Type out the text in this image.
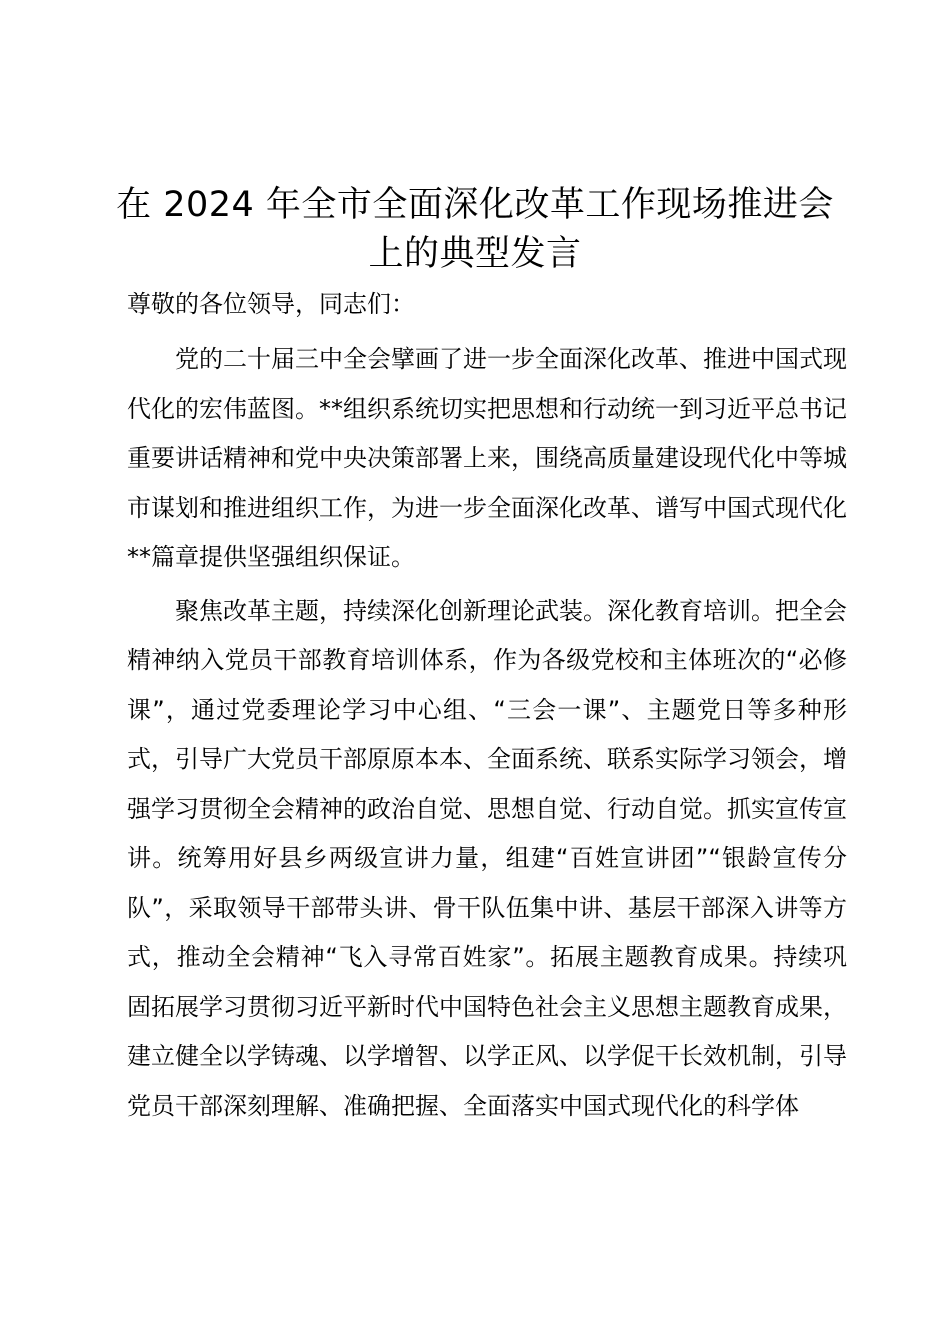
在 2024 年全市全面深化改革工作现场推进会上的典型发言

尊敬的各位领导，同志们：

党的二十届三中全会擘画了进一步全面深化改革、推进中国式现代化的宏伟蓝图。**组织系统切实把思想和行动统一到习近平总书记重要讲话精神和党中央决策部署上来，围绕高质量建设现代化中等城市谋划和推进组织工作，为进一步全面深化改革、谱写中国式现代化**篇章提供坚强组织保证。

聚焦改革主题，持续深化创新理论武装。深化教育培训。把全会精神纳入党员干部教育培训体系，作为各级党校和主体班次的“必修课”，通过党委理论学习中心组、“三会一课”、主题党日等多种形式，引导广大党员干部原原本本、全面系统、联系实际学习领会，增强学习贯彻全会精神的政治自觉、思想自觉、行动自觉。抓实宣传宣讲。统筹用好县乡两级宣讲力量，组建“百姓宣讲团”“银龄宣传分队”，采取领导干部带头讲、骨干队伍集中讲、基层干部深入讲等方式，推动全会精神“飞入寻常百姓家”。拓展主题教育成果。持续巩固拓展学习贯彻习近平新时代中国特色社会主义思想主题教育成果，建立健全以学铸魂、以学增智、以学正风、以学促干长效机制，引导党员干部深刻理解、准确把握、全面落实中国式现代化的科学体
